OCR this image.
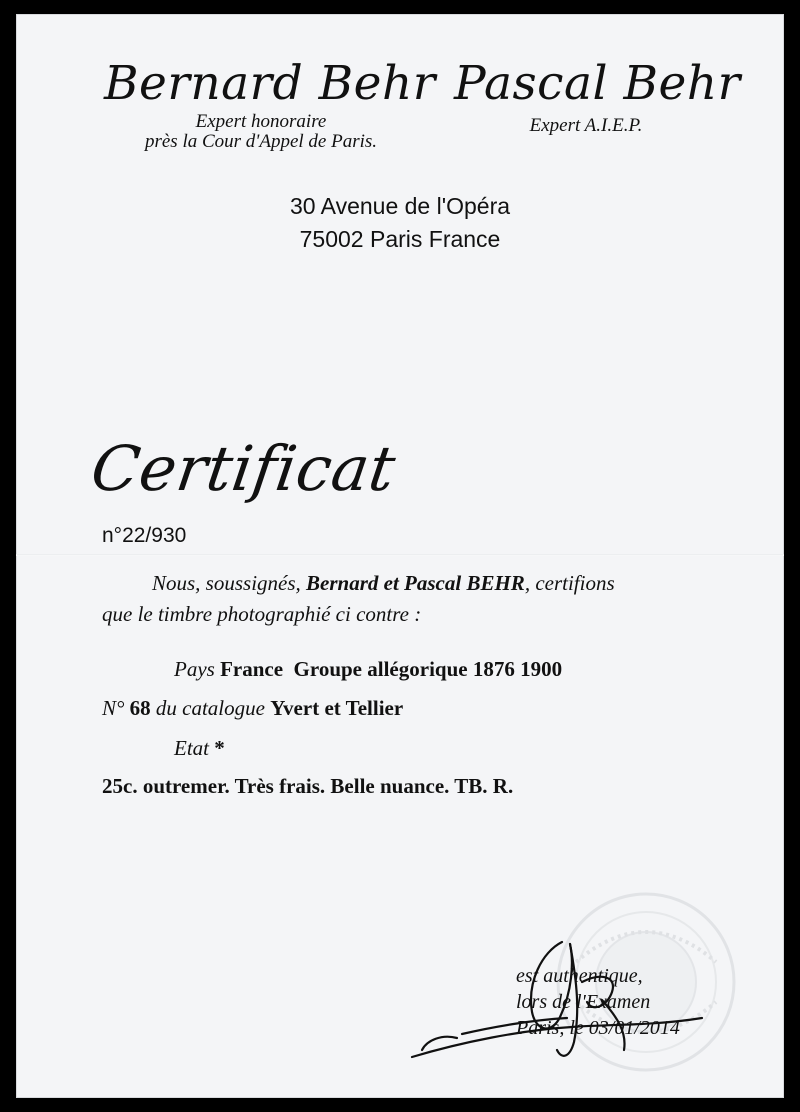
Bernard Behr Pascal Behr
Expert honoraire
près la Cour d'Appel de Paris.
Expert A.I.E.P.
30 Avenue de l'Opéra
75002 Paris France
Certificat
n°22/930
Nous, soussignés, Bernard et Pascal BEHR, certifions
que le timbre photographié ci contre :
Pays France  Groupe allégorique 1876 1900
N° 68 du catalogue Yvert et Tellier
Etat *
25c. outremer. Très frais. Belle nuance. TB. R.
est authentique,
lors de l'Examen
Paris, le 03/01/2014
